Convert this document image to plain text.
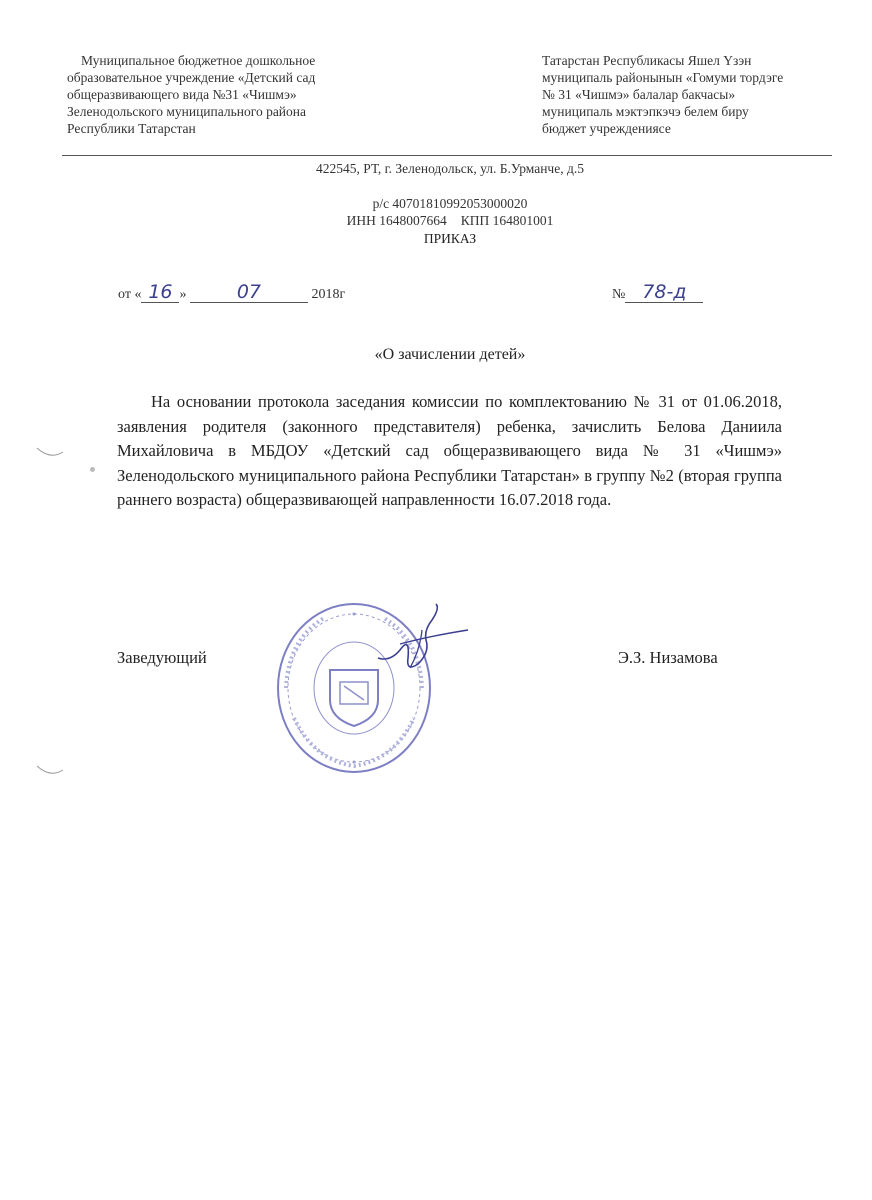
Муниципальное бюджетное дошкольное
образовательное учреждение «Детский сад
общеразвивающего вида №31 «Чишмэ»
Зеленодольского муниципального района
Республики Татарстан
Татарстан Республикасы Яшел Үзэн
муниципаль районынын «Гомуми тордэге
№ 31 «Чишмэ» балалар бакчасы»
муниципаль мэктэпкэчэ белем биру
бюджет учреждениясе
422545, РТ, г. Зеленодольск, ул. Б.Урманче, д.5
р/с 40701810992053000020
ИНН 1648007664 КПП 164801001
ПРИКАЗ
от « 16 »	07	2018г	№ 78-д
«О зачислении детей»
На основании протокола заседания комиссии по комплектованию № 31 от 01.06.2018, заявления родителя (законного представителя) ребенка, зачислить Белова Даниила Михайловича в МБДОУ «Детский сад общеразвивающего вида № 31 «Чишмэ» Зеленодольского муниципального района Республики Татарстан» в группу №2 (вторая группа раннего возраста) общеразвивающей направленности 16.07.2018 года.
Заведующий	Э.З. Низамова
